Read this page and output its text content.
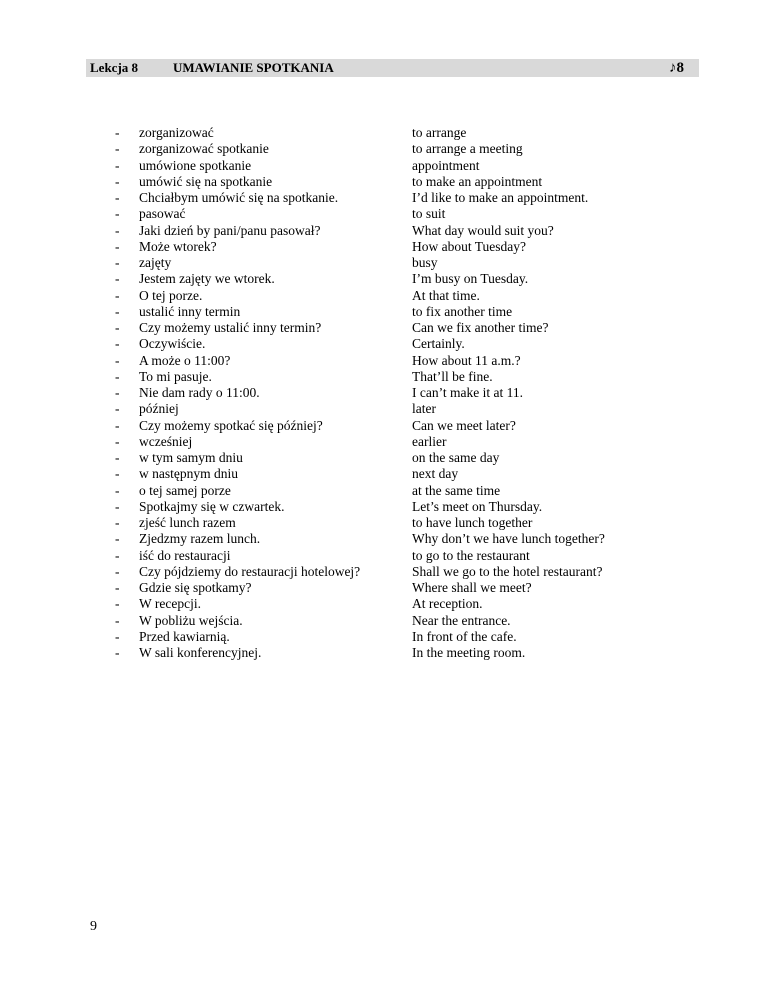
Lekcja 8	UMAWIANIE SPOTKANIA	♪8
- zorganizować	to arrange
- zorganizować spotkanie	to arrange a meeting
- umówione spotkanie	appointment
- umówić się na spotkanie	to make an appointment
- Chciałbym umówić się na spotkanie.	I’d like to make an appointment.
- pasować	to suit
- Jaki dzień by pani/panu pasował?	What day would suit you?
- Może wtorek?	How about Tuesday?
- zajęty	busy
- Jestem zajęty we wtorek.	I’m busy on Tuesday.
- O tej porze.	At that time.
- ustalić inny termin	to fix another time
- Czy możemy ustalić inny termin?	Can we fix another time?
- Oczywiście.	Certainly.
- A może o 11:00?	How about 11 a.m.?
- To mi pasuje.	That’ll be fine.
- Nie dam rady o 11:00.	I can’t make it at 11.
- później	later
- Czy możemy spotkać się później?	Can we meet later?
- wcześniej	earlier
- w tym samym dniu	on the same day
- w następnym dniu	next day
- o tej samej porze	at the same time
- Spotkajmy się w czwartek.	Let’s meet on Thursday.
- zjeść lunch razem	to have lunch together
- Zjedzmy razem lunch.	Why don’t we have lunch together?
- iść do restauracji	to go to the restaurant
- Czy pójdziemy do restauracji hotelowej?	Shall we go to the hotel restaurant?
- Gdzie się spotkamy?	Where shall we meet?
- W recepcji.	At reception.
- W pobliżu wejścia.	Near the entrance.
- Przed kawiarnią.	In front of the cafe.
- W sali konferencyjnej.	In the meeting room.
9
